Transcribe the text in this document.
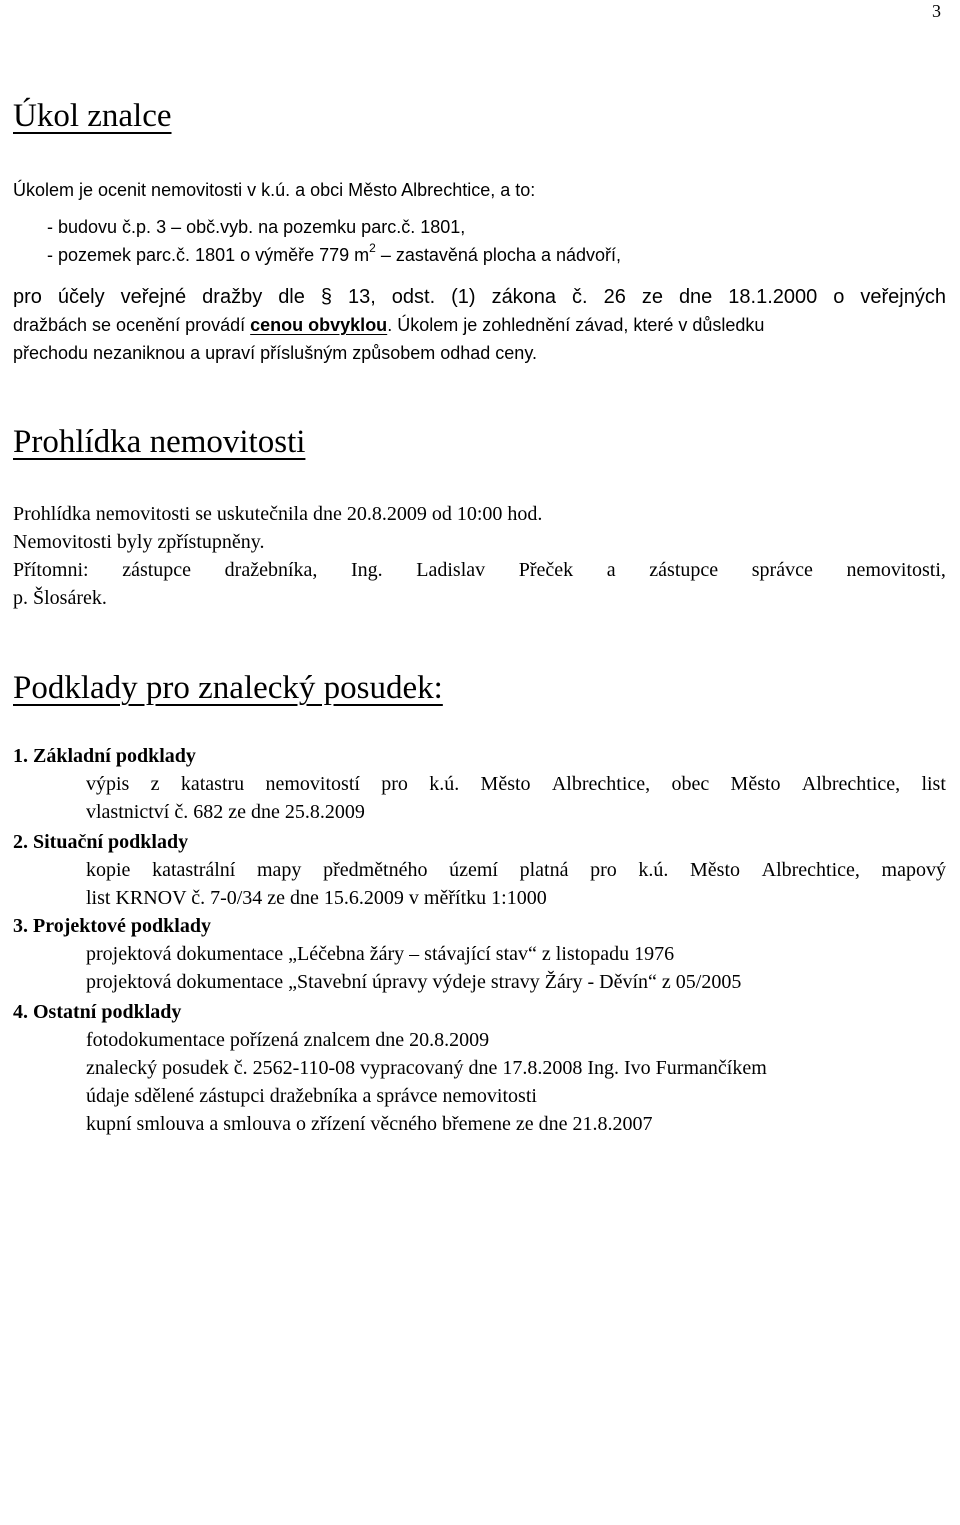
3
Úkol znalce
Úkolem je ocenit nemovitosti v k.ú. a obci Město Albrechtice, a to:
- budovu č.p. 3 – obč.vyb. na pozemku parc.č. 1801,
- pozemek parc.č. 1801 o výměře 779 $m^2$ – zastavěná plocha a nádvoří,
pro účely veřejné dražby dle § 13, odst. (1) zákona č. 26 ze dne 18.1.2000 o veřejných
dražbách se ocenění provádí cenou obvyklou. Úkolem je zohlednění závad, které v důsledku
přechodu nezaniknou a upraví příslušným způsobem odhad ceny.
Prohlídka nemovitosti
Prohlídka nemovitosti se uskutečnila dne 20.8.2009 od 10:00 hod.
Nemovitosti byly zpřístupněny.
Přítomni: zástupce dražebníka, Ing. Ladislav Přeček a zástupce správce nemovitosti,
p. Šlosárek.
Podklady pro znalecký posudek:
1. Základní podklady
výpis z katastru nemovitostí pro k.ú. Město Albrechtice, obec Město Albrechtice, list
vlastnictví č. 682 ze dne 25.8.2009
2. Situační podklady
kopie katastrální mapy předmětného území platná pro k.ú. Město Albrechtice, mapový
list KRNOV č. 7-0/34 ze dne 15.6.2009 v měřítku 1:1000
3. Projektové podklady
projektová dokumentace „Léčebna žáry – stávající stav“ z listopadu 1976
projektová dokumentace „Stavební úpravy výdeje stravy Žáry - Děvín“ z 05/2005
4. Ostatní podklady
fotodokumentace pořízená znalcem dne 20.8.2009
znalecký posudek č. 2562-110-08 vypracovaný dne 17.8.2008 Ing. Ivo Furmančíkem
údaje sdělené zástupci dražebníka a správce nemovitosti
kupní smlouva a smlouva o zřízení věcného břemene ze dne 21.8.2007
